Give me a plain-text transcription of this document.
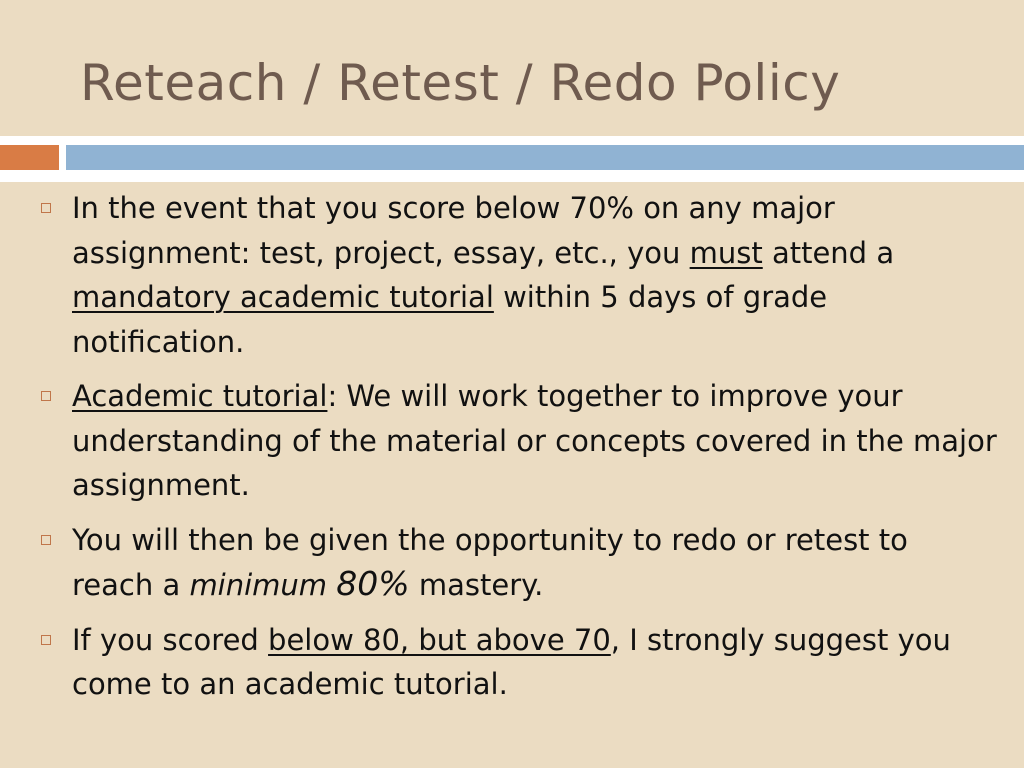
Reteach / Retest / Redo Policy
In the event that you score below 70% on any major assignment: test, project, essay, etc., you must attend a mandatory academic tutorial within 5 days of grade notification.
Academic tutorial: We will work together to improve your understanding of the material or concepts covered in the major assignment.
You will then be given the opportunity to redo or retest to reach a minimum 80% mastery.
If you scored below 80, but above 70, I strongly suggest you come to an academic tutorial.
